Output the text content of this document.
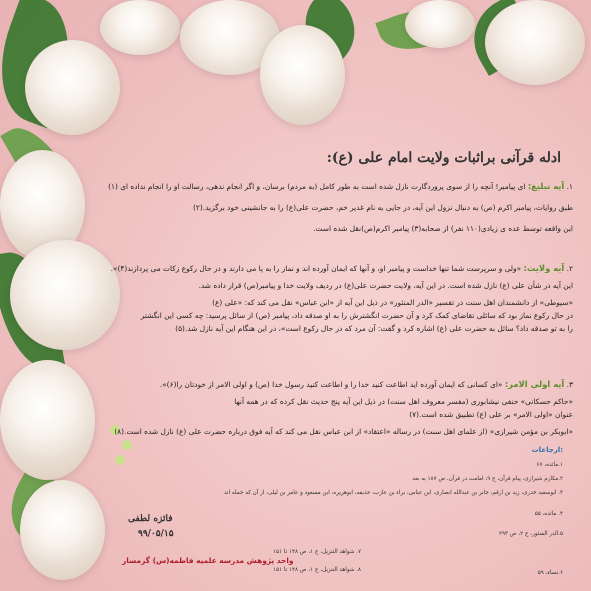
ادله قرآنی براثبات ولایت امام علی (ع):
۱. آیه تبلیغ: ای پیامبر! آنچه را از سوی پروردگارت نازل شده است به طور کامل (به مردم) برسان، و اگر انجام ندهی، رسالت او را انجام نداده ای (۱)
طبق روایات، پیامبر اکرم (ص) به دنبال نزول این آیه، در جایی به نام غدیر خم، حضرت علی(ع) را به جانشینی خود برگزید.(۲)
این واقعه توسط عده ی زیادی(۱۱۰ نفر) از صحابه(۳) پیامبر اکرم(ص)نقل شده است.
۲. آیه ولایت: «ولی و سرپرست شما تنها خداست و پیامبر او، و آنها که ایمان آورده اند و نماز را به پا می دارند و در حال رکوع زکات می پردازند(۴)».
این آیه در شأن علی (ع) نازل شده است. در این آیه، ولایت حضرت علی(ع) در ردیف ولایت خدا و پیامبر(ص) قرار داده شد.
«سیوطی» از دانشمندان اهل سنت در تفسیر «الدر المنثور» در ذیل این آیه از «ابن عباس» نقل می کند که: «علی (ع)
در حال رکوع نماز بود که سائلی تقاضای کمک کرد و آن حضرت انگشترش را به او صدقه داد، پیامبر (ص) از سائل پرسید: چه کسی این انگشتر
را به تو صدقه داد؟ سائل به حضرت علی (ع) اشاره کرد و گفت: آن مرد که در حال رکوع است»، در این هنگام این آیه نازل شد.(۵)
۳. آیه اولی الامر: «ای کسانی که ایمان آورده اید اطاعت کنید خدا را و اطاعت کنید رسول خدا (ص) و اولی الامر از خودتان را(۶)».
«حاکم حسکانی» حنفی نیشابوری (مفسر معروف اهل سنت) در ذیل این آیه پنج حدیث نقل کرده که در همه آنها
عنوان «اولی الامر» بر علی (ع) تطبیق شده است.(۷)
«ابوبکر بن مؤمن شیرازی» (از علمای اهل سنت) در رساله «اعتقاد» از ابن عباس نقل می کند که آیه فوق درباره حضرت علی (ع) نازل شده است.(۸)
ارجاعات:
۱.مائده، ۶۷
۲.مکارم شیرازی، پیام قرآن، ج ۹، امامت در قرآن، ص ۱۸۷ به بعد
۳. ابوسعید خدری، زید بن ارقم، جابر بن عبدالله انصاری، ابن عباس، براء بن عازب، حذیفه، ابوهریره، ابن مسعود و عامر بن لیلی، از آن که جمله اند
۴. مائده، ۵۵
۵.الدر المنثور، ج ۲، ص ۲۹۳
۶.نساء، ۵۹
۷. شواهد التنزیل، ج ۱، ص ۱۴۸ تا ۱۵۱
۸. شواهد التنزیل، ج ۱، ص ۱۴۸ تا ۱۵۱
فائزه لطفی
۹۹/۰۵/۱۵
واحد پژوهش مدرسه علمیه فاطمه(س) گرمسار
